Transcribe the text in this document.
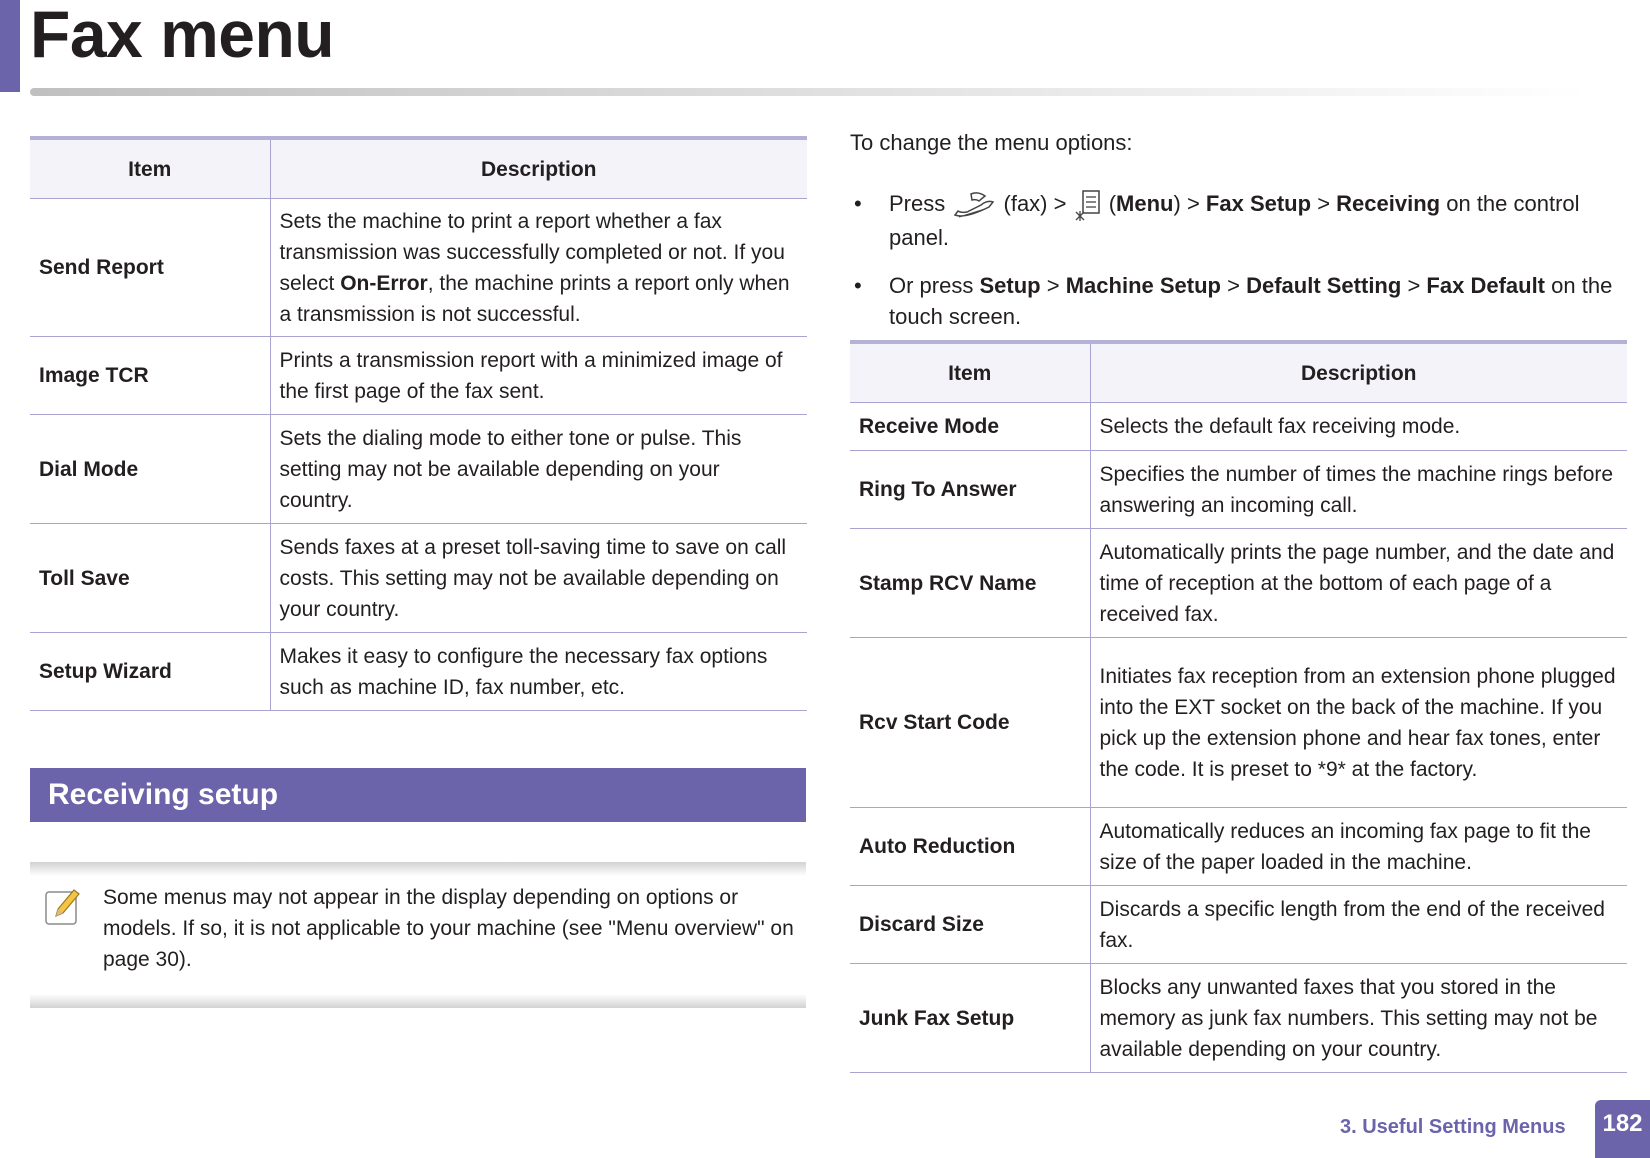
Fax menu
Item	Description
Send Report	Sets the machine to print a report whether a fax transmission was successfully completed or not. If you select On-Error, the machine prints a report only when a transmission is not successful.
Image TCR	Prints a transmission report with a minimized image of the first page of the fax sent.
Dial Mode	Sets the dialing mode to either tone or pulse. This setting may not be available depending on your country.
Toll Save	Sends faxes at a preset toll-saving time to save on call costs. This setting may not be available depending on your country.
Setup Wizard	Makes it easy to configure the necessary fax options such as machine ID, fax number, etc.
Receiving setup
Some menus may not appear in the display depending on options or models. If so, it is not applicable to your machine (see "Menu overview" on page 30).
To change the menu options:
• Press	(fax) > (Menu) > Fax Setup > Receiving on the control panel.
• Or press Setup > Machine Setup > Default Setting > Fax Default on the touch screen.
Item	Description
Receive Mode	Selects the default fax receiving mode.
Ring To Answer	Specifies the number of times the machine rings before answering an incoming call.
Stamp RCV Name	Automatically prints the page number, and the date and time of reception at the bottom of each page of a received fax.
Rcv Start Code	Initiates fax reception from an extension phone plugged into the EXT socket on the back of the machine. If you pick up the extension phone and hear fax tones, enter the code. It is preset to *9* at the factory.
Auto Reduction	Automatically reduces an incoming fax page to fit the size of the paper loaded in the machine.
Discard Size	Discards a specific length from the end of the received fax.
Junk Fax Setup	Blocks any unwanted faxes that you stored in the memory as junk fax numbers. This setting may not be available depending on your country.
3. Useful Setting Menus	182
